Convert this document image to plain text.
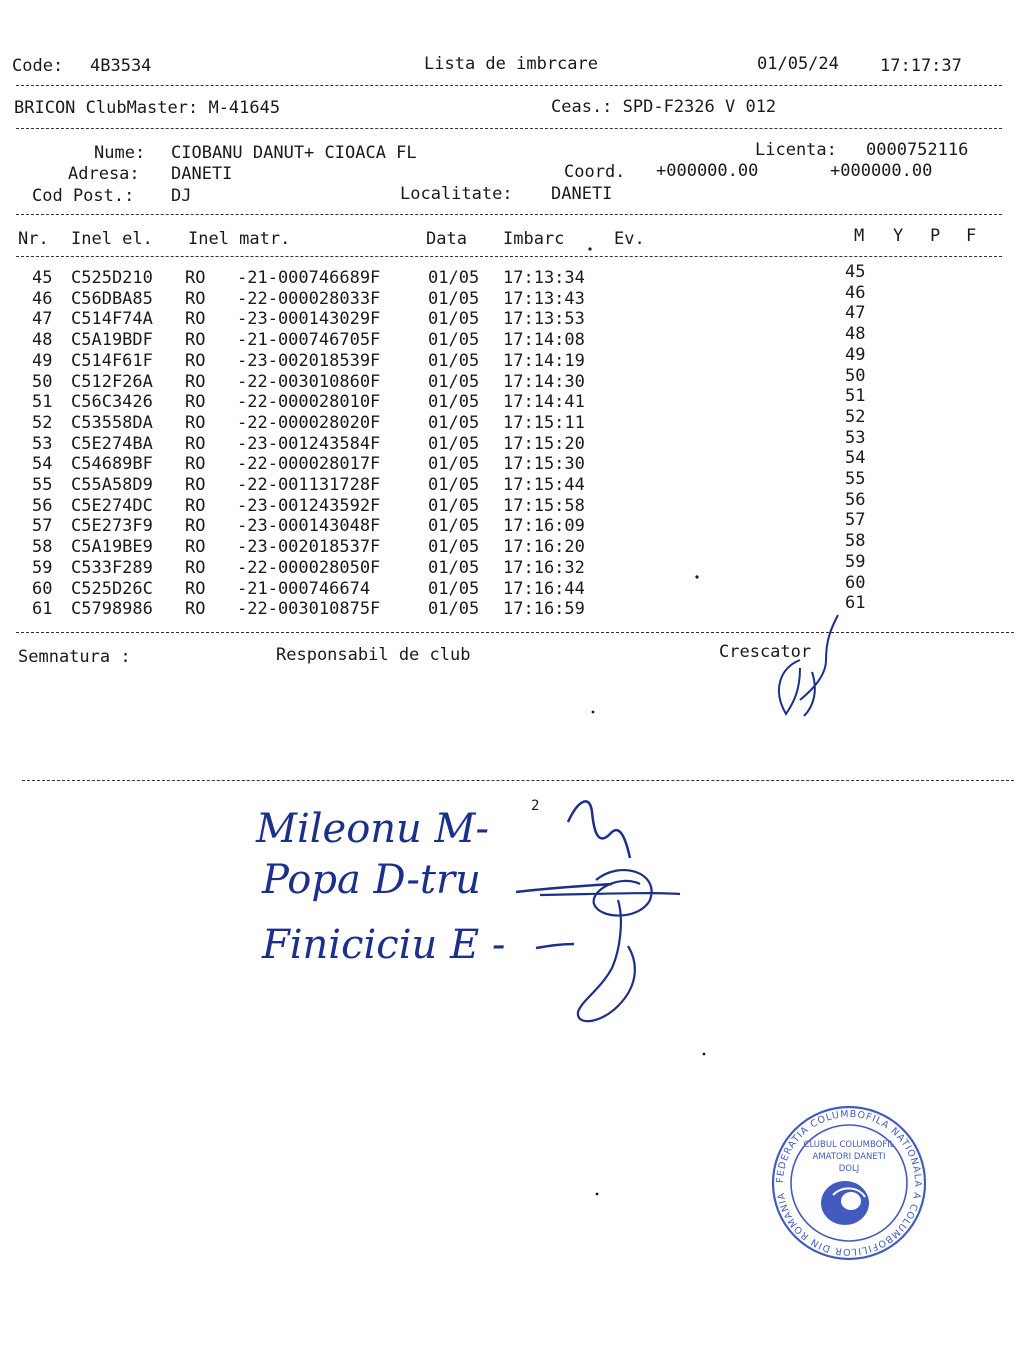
Code: 4B3534	Lista de imbrcare	01/05/24 17:17:37
BRICON ClubMaster: M-41645	Ceas.: SPD-F2326 V 012
Nume: CIOBANU DANUT+ CIOACA FL	Licenta: 0000752116
Adresa: DANETI	Coord. +000000.00	+000000.00
Cod Post.: DJ	Localitate: DANETI
Nr. Inel el. Inel matr.	Data Imbarc	Ev.	M Y P F
45 C525D210 RO -21-000746689F	01/05 17:13:34	45
46 C56DBA85 RO -22-000028033F	01/05 17:13:43	46
47 C514F74A RO -23-000143029F	01/05 17:13:53	47
48 C5A19BDF RO -21-000746705F	01/05 17:14:08	48
49 C514F61F RO -23-002018539F	01/05 17:14:19	49
50 C512F26A RO -22-003010860F	01/05 17:14:30	50
51 C56C3426 RO -22-000028010F	01/05 17:14:41	51
52 C53558DA RO -22-000028020F	01/05 17:15:11	52
53 C5E274BA RO -23-001243584F	01/05 17:15:20	53
54 C54689BF RO -22-000028017F	01/05 17:15:30	54
55 C55A58D9 RO -22-001131728F	01/05 17:15:44	55
56 C5E274DC RO -23-001243592F	01/05 17:15:58	56
57 C5E273F9 RO -23-000143048F	01/05 17:16:09	57
58 C5A19BE9 RO -23-002018537F	01/05 17:16:20	58
59 C533F289 RO -22-000028050F	01/05 17:16:32	59
60 C525D26C RO -21-000746674	01/05 17:16:44	60
61 C5798986 RO -22-003010875F	01/05 17:16:59	61
Semnatura :	Responsabil de club	Crescator
Mileonu M-	2
Popa D-tru
Finiciciu E -
FEDERATIA COLUMBOFILA NATIONALA A COLUMBOFILILOR DIN ROMANIA
CLUBUL COLUMBOFIL
AMATORI DANETI
DOLJ
